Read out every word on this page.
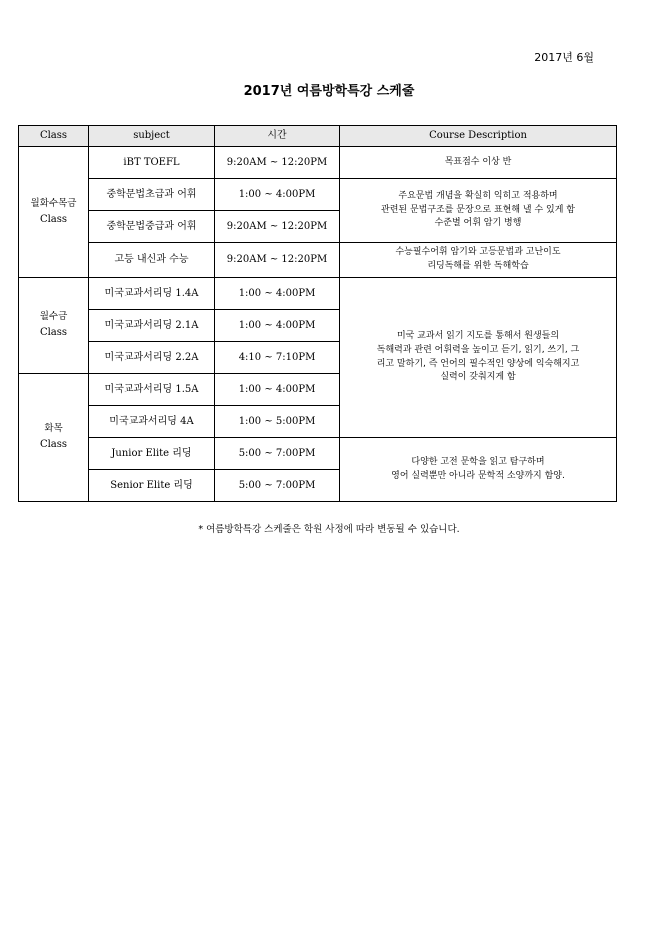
2017년 6월
2017년 여름방학특강 스케줄
Class	subject	시간	Course Description

월화수목금
Class	iBT TOEFL	9:20AM ~ 12:20PM	목표점수 이상 반

	중학문법초급과 어휘	1:00 ~ 4:00PM	주요문법 개념을 확실히 익히고 적용하며
관련된 문법구조를 문장으로 표현해 낼 수 있게 함
수준별 어휘 암기 병행

	중학문법중급과 어휘	9:20AM ~ 12:20PM	
	고등 내신과 수능	9:20AM ~ 12:20PM	수능필수어휘 암기와 고등문법과 고난이도
리딩독해를 위한 독해학습

월수금
Class	미국교과서리딩 1.4A	1:00 ~ 4:00PM	미국 교과서 읽기 지도를 통해서 원생들의
독해력과 관련 어휘력을 높이고 듣기, 읽기, 쓰기, 그
리고 말하기, 즉 언어의 필수적인 양상에 익숙해지고
실력이 갖춰지게 함

	미국교과서리딩 2.1A	1:00 ~ 4:00PM	
	미국교과서리딩 2.2A	4:10 ~ 7:10PM	

화목
Class	미국교과서리딩 1.5A	1:00 ~ 4:00PM	
	미국교과서리딩 4A	1:00 ~ 5:00PM	
	Junior Elite 리딩	5:00 ~ 7:00PM	다양한 고전 문학을 읽고 탐구하며
영어 실력뿐만 아니라 문학적 소양까지 함양.

	Senior Elite 리딩	5:00 ~ 7:00PM	
* 여름방학특강 스케줄은 학원 사정에 따라 변동될 수 있습니다.
